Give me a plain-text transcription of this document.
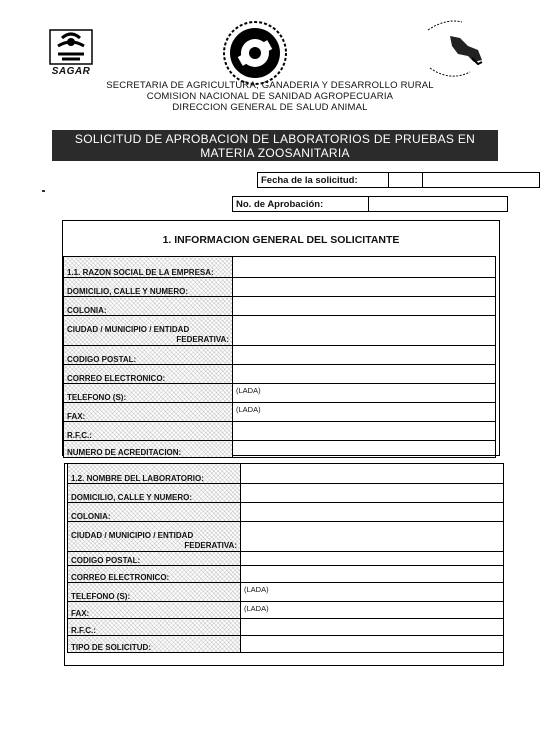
SAGAR
SECRETARIA DE AGRICULTURA, GANADERIA Y DESARROLLO RURAL
COMISION NACIONAL DE SANIDAD AGROPECUARIA
DIRECCION GENERAL DE SALUD ANIMAL
SOLICITUD DE APROBACION DE LABORATORIOS DE PRUEBAS EN
MATERIA ZOOSANITARIA
Fecha de la solicitud:		
No. de Aprobación:	
1. INFORMACION GENERAL DEL SOLICITANTE
1.1. RAZON SOCIAL DE LA EMPRESA:	
DOMICILIO, CALLE Y NUMERO:	
COLONIA:	
CIUDAD / MUNICIPIO / ENTIDAD

FEDERATIVA:	

CODIGO POSTAL:	
CORREO ELECTRONICO:	
TELEFONO (S):	(LADA)
FAX:	(LADA)
R.F.C.:	
NUMERO DE ACREDITACION:	
1.2. NOMBRE DEL LABORATORIO:	
DOMICILIO, CALLE Y NUMERO:	
COLONIA:	
CIUDAD / MUNICIPIO / ENTIDAD

FEDERATIVA:	

CODIGO POSTAL:	
CORREO ELECTRONICO:	
TELEFONO (S):	(LADA)
FAX:	(LADA)
R.F.C.:	
TIPO DE SOLICITUD:	
